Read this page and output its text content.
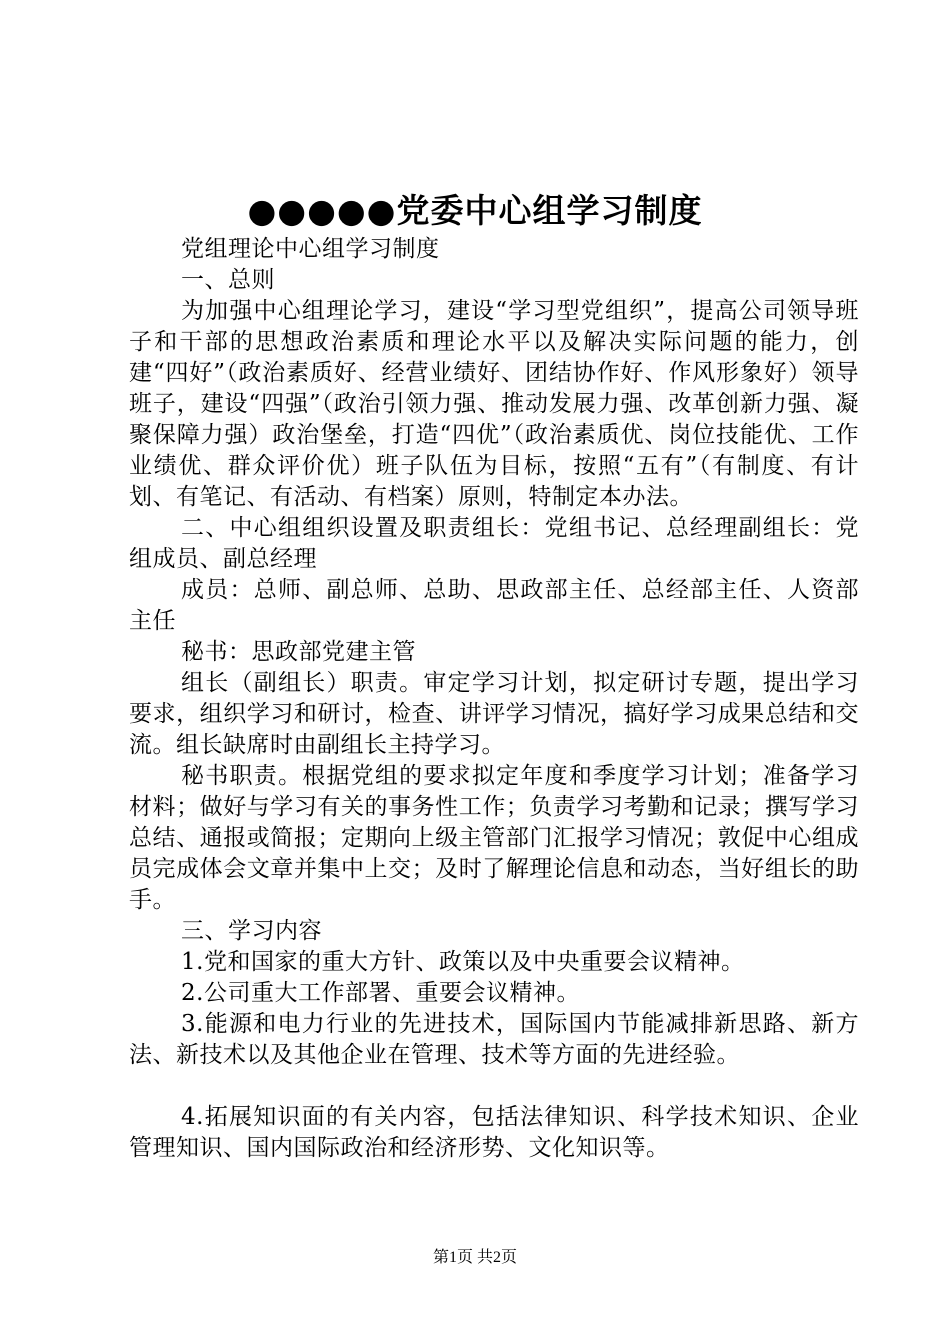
●●●●●党委中心组学习制度

党组理论中心组学习制度

一、总则

为加强中心组理论学习，建设“学习型党组织”，提高公司领导班子和干部的思想政治素质和理论水平以及解决实际问题的能力，创建“四好”（政治素质好、经营业绩好、团结协作好、作风形象好）领导班子，建设“四强”（政治引领力强、推动发展力强、改革创新力强、凝聚保障力强）政治堡垒，打造“四优”（政治素质优、岗位技能优、工作业绩优、群众评价优）班子队伍为目标，按照“五有”（有制度、有计划、有笔记、有活动、有档案）原则，特制定本办法。

二、中心组组织设置及职责组长：党组书记、总经理副组长：党组成员、副总经理

成员：总师、副总师、总助、思政部主任、总经部主任、人资部主任

秘书：思政部党建主管

组长（副组长）职责。审定学习计划，拟定研讨专题，提出学习要求，组织学习和研讨，检查、讲评学习情况，搞好学习成果总结和交流。组长缺席时由副组长主持学习。

秘书职责。根据党组的要求拟定年度和季度学习计划；准备学习材料；做好与学习有关的事务性工作；负责学习考勤和记录；撰写学习总结、通报或简报；定期向上级主管部门汇报学习情况；敦促中心组成员完成体会文章并集中上交；及时了解理论信息和动态，当好组长的助手。

三、学习内容

1.党和国家的重大方针、政策以及中央重要会议精神。

2.公司重大工作部署、重要会议精神。

3.能源和电力行业的先进技术，国际国内节能减排新思路、新方法、新技术以及其他企业在管理、技术等方面的先进经验。

4.拓展知识面的有关内容，包括法律知识、科学技术知识、企业管理知识、国内国际政治和经济形势、文化知识等。

第1页 共2页
